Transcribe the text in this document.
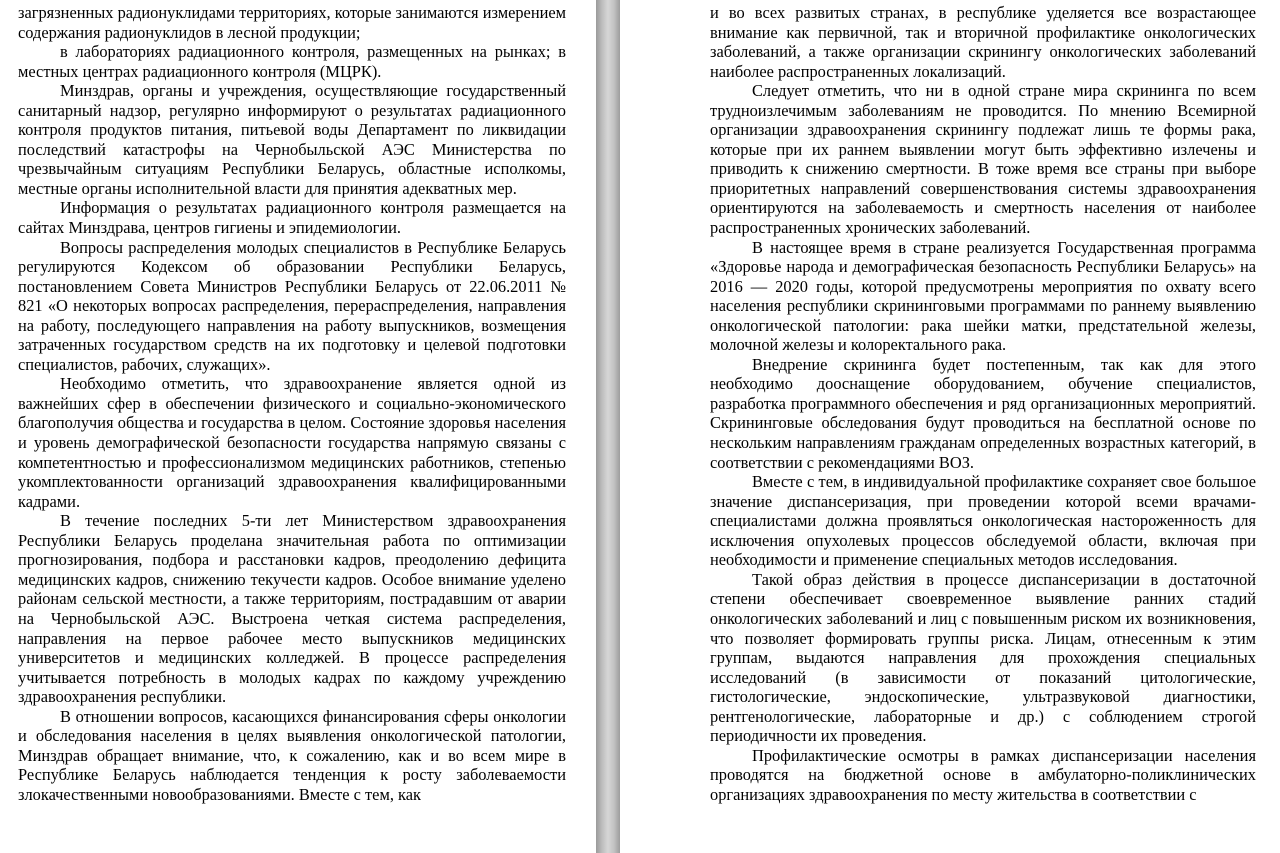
загрязненных радионуклидами территориях, которые занимаются измерением содержания радионуклидов в лесной продукции;

в лабораториях радиационного контроля, размещенных на рынках; в местных центрах радиационного контроля (МЦРК).

Минздрав, органы и учреждения, осуществляющие государственный санитарный надзор, регулярно информируют о результатах радиационного контроля продуктов питания, питьевой воды Департамент по ликвидации последствий катастрофы на Чернобыльской АЭС Министерства по чрезвычайным ситуациям Республики Беларусь, областные исполкомы, местные органы исполнительной власти для принятия адекватных мер.

Информация о результатах радиационного контроля размещается на сайтах Минздрава, центров гигиены и эпидемиологии.

Вопросы распределения молодых специалистов в Республике Беларусь регулируются Кодексом об образовании Республики Беларусь, постановлением Совета Министров Республики Беларусь от 22.06.2011 № 821 «О некоторых вопросах распределения, перераспределения, направления на работу, последующего направления на работу выпускников, возмещения затраченных государством средств на их подготовку и целевой подготовки специалистов, рабочих, служащих».

Необходимо отметить, что здравоохранение является одной из важнейших сфер в обеспечении физического и социально-экономического благополучия общества и государства в целом. Состояние здоровья населения и уровень демографической безопасности государства напрямую связаны с компетентностью и профессионализмом медицинских работников, степенью укомплектованности организаций здравоохранения квалифицированными кадрами.

В течение последних 5-ти лет Министерством здравоохранения Республики Беларусь проделана значительная работа по оптимизации прогнозирования, подбора и расстановки кадров, преодолению дефицита медицинских кадров, снижению текучести кадров. Особое внимание уделено районам сельской местности, а также территориям, пострадавшим от аварии на Чернобыльской АЭС. Выстроена четкая система распределения, направления на первое рабочее место выпускников медицинских университетов и медицинских колледжей. В процессе распределения учитывается потребность в молодых кадрах по каждому учреждению здравоохранения республики.

В отношении вопросов, касающихся финансирования сферы онкологии и обследования населения в целях выявления онкологической патологии, Минздрав обращает внимание, что, к сожалению, как и во всем мире в Республике Беларусь наблюдается тенденция к росту заболеваемости злокачественными новообразованиями. Вместе с тем, как

и во всех развитых странах, в республике уделяется все возрастающее внимание как первичной, так и вторичной профилактике онкологических заболеваний, а также организации скринингу онкологических заболеваний наиболее распространенных локализаций.

Следует отметить, что ни в одной стране мира скрининга по всем трудноизлечимым заболеваниям не проводится. По мнению Всемирной организации здравоохранения скринингу подлежат лишь те формы рака, которые при их раннем выявлении могут быть эффективно излечены и приводить к снижению смертности. В тоже время все страны при выборе приоритетных направлений совершенствования системы здравоохранения ориентируются на заболеваемость и смертность населения от наиболее распространенных хронических заболеваний.

В настоящее время в стране реализуется Государственная программа «Здоровье народа и демографическая безопасность Республики Беларусь» на 2016 — 2020 годы, которой предусмотрены мероприятия по охвату всего населения республики скрининговыми программами по раннему выявлению онкологической патологии: рака шейки матки, предстательной железы, молочной железы и колоректального рака.

Внедрение скрининга будет постепенным, так как для этого необходимо дооснащение оборудованием, обучение специалистов, разработка программного обеспечения и ряд организационных мероприятий. Скрининговые обследования будут проводиться на бесплатной основе по нескольким направлениям гражданам определенных возрастных категорий, в соответствии с рекомендациями ВОЗ.

Вместе с тем, в индивидуальной профилактике сохраняет свое большое значение диспансеризация, при проведении которой всеми врачами-специалистами должна проявляться онкологическая настороженность для исключения опухолевых процессов обследуемой области, включая при необходимости и применение специальных методов исследования.

Такой образ действия в процессе диспансеризации в достаточной степени обеспечивает своевременное выявление ранних стадий онкологических заболеваний и лиц с повышенным риском их возникновения, что позволяет формировать группы риска. Лицам, отнесенным к этим группам, выдаются направления для прохождения специальных исследований (в зависимости от показаний цитологические, гистологические, эндоскопические, ультразвуковой диагностики, рентгенологические, лабораторные и др.) с соблюдением строгой периодичности их проведения.

Профилактические осмотры в рамках диспансеризации населения проводятся на бюджетной основе в амбулаторно-поликлинических организациях здравоохранения по месту жительства в соответствии с
